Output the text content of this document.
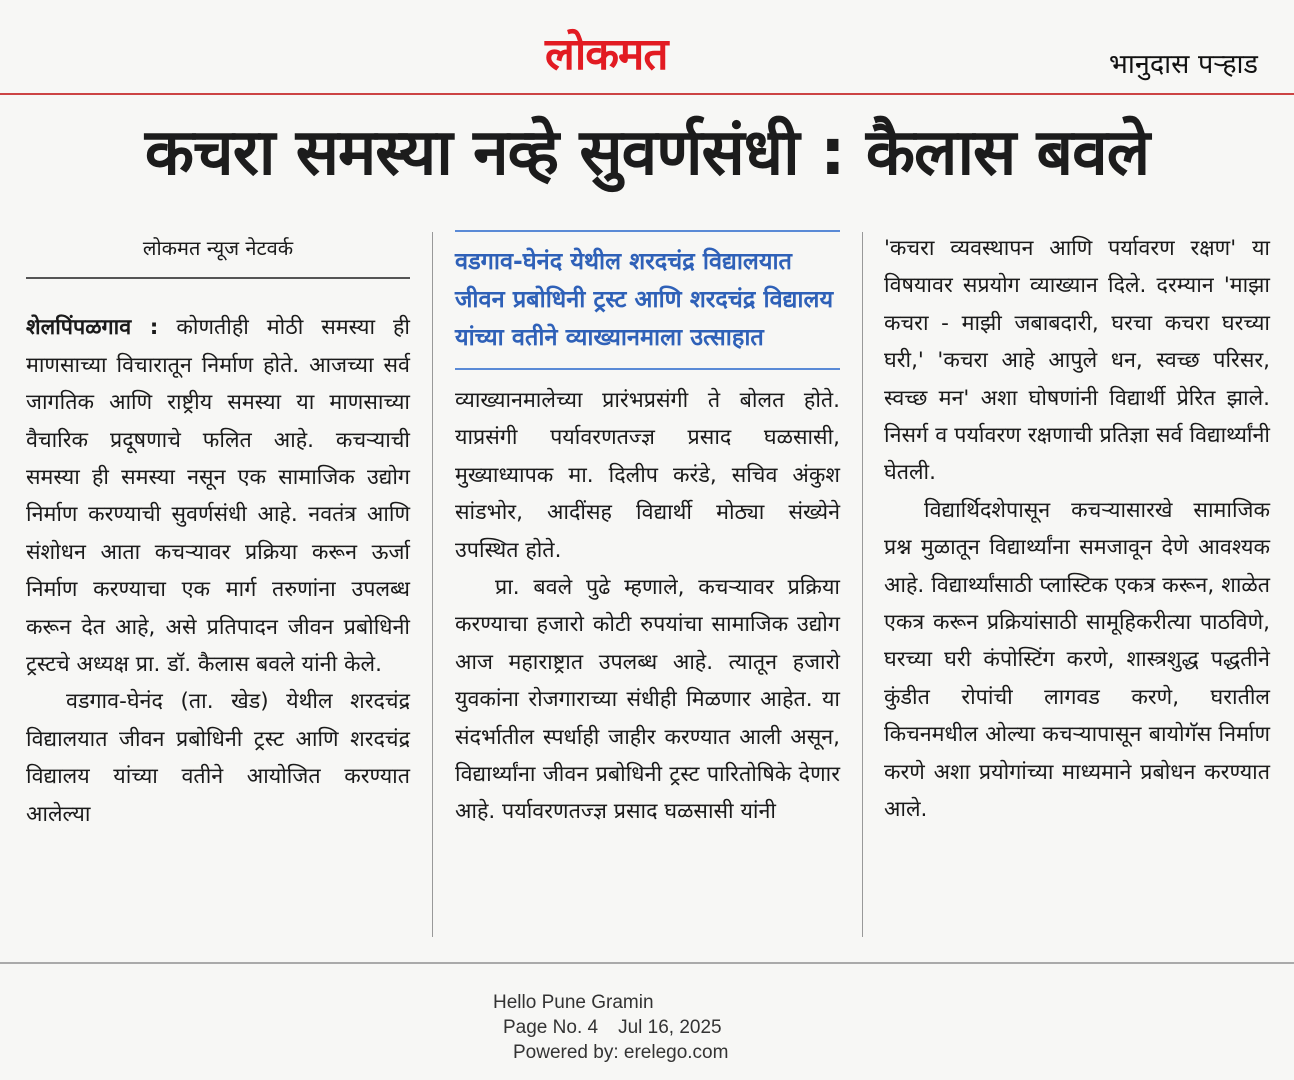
लोकमत	भानुदास पऱ्हाड
कचरा समस्या नव्हे सुवर्णसंधी : कैलास बवले
लोकमत न्यूज नेटवर्क

शेलपिंपळगाव : कोणतीही मोठी समस्या ही माणसाच्या विचारातून निर्माण होते. आजच्या सर्व जागतिक आणि राष्ट्रीय समस्या या माणसाच्या वैचारिक प्रदूषणाचे फलित आहे. कचऱ्याची समस्या ही समस्या नसून एक सामाजिक उद्योग निर्माण करण्याची सुवर्णसंधी आहे. नवतंत्र आणि संशोधन आता कचऱ्यावर प्रक्रिया करून ऊर्जा निर्माण करण्याचा एक मार्ग तरुणांना उपलब्ध करून देत आहे, असे प्रतिपादन जीवन प्रबोधिनी ट्रस्टचे अध्यक्ष प्रा. डॉ. कैलास बवले यांनी केले.

वडगाव-घेनंद (ता. खेड) येथील शरदचंद्र विद्यालयात जीवन प्रबोधिनी ट्रस्ट आणि शरदचंद्र विद्यालय यांच्या वतीने आयोजित करण्यात आलेल्या

वडगाव-घेनंद येथील शरदचंद्र विद्यालयात जीवन प्रबोधिनी ट्रस्ट आणि शरदचंद्र विद्यालय यांच्या वतीने व्याख्यानमाला उत्साहात

व्याख्यानमालेच्या प्रारंभप्रसंगी ते बोलत होते. याप्रसंगी पर्यावरणतज्ज्ञ प्रसाद घळसासी, मुख्याध्यापक मा. दिलीप करंडे, सचिव अंकुश सांडभोर, आदींसह विद्यार्थी मोठ्या संख्येने उपस्थित होते.

प्रा. बवले पुढे म्हणाले, कचऱ्यावर प्रक्रिया करण्याचा हजारो कोटी रुपयांचा सामाजिक उद्योग आज महाराष्ट्रात उपलब्ध आहे. त्यातून हजारो युवकांना रोजगाराच्या संधीही मिळणार आहेत. या संदर्भातील स्पर्धाही जाहीर करण्यात आली असून, विद्यार्थ्यांना जीवन प्रबोधिनी ट्रस्ट पारितोषिके देणार आहे. पर्यावरणतज्ज्ञ प्रसाद घळसासी यांनी

'कचरा व्यवस्थापन आणि पर्यावरण रक्षण' या विषयावर सप्रयोग व्याख्यान दिले. दरम्यान 'माझा कचरा - माझी जबाबदारी, घरचा कचरा घरच्या घरी,' 'कचरा आहे आपुले धन, स्वच्छ परिसर, स्वच्छ मन' अशा घोषणांनी विद्यार्थी प्रेरित झाले. निसर्ग व पर्यावरण रक्षणाची प्रतिज्ञा सर्व विद्यार्थ्यांनी घेतली.

विद्यार्थिदशेपासून कचऱ्यासारखे सामाजिक प्रश्न मुळातून विद्यार्थ्यांना समजावून देणे आवश्यक आहे. विद्यार्थ्यांसाठी प्लास्टिक एकत्र करून, शाळेत एकत्र करून प्रक्रियांसाठी सामूहिकरीत्या पाठविणे, घरच्या घरी कंपोस्टिंग करणे, शास्त्रशुद्ध पद्धतीने कुंडीत रोपांची लागवड करणे, घरातील किचनमधील ओल्या कचऱ्यापासून बायोगॅस निर्माण करणे अशा प्रयोगांच्या माध्यमाने प्रबोधन करण्यात आले.

Hello Pune Gramin
Page No. 4 Jul 16, 2025
Powered by: erelego.com
